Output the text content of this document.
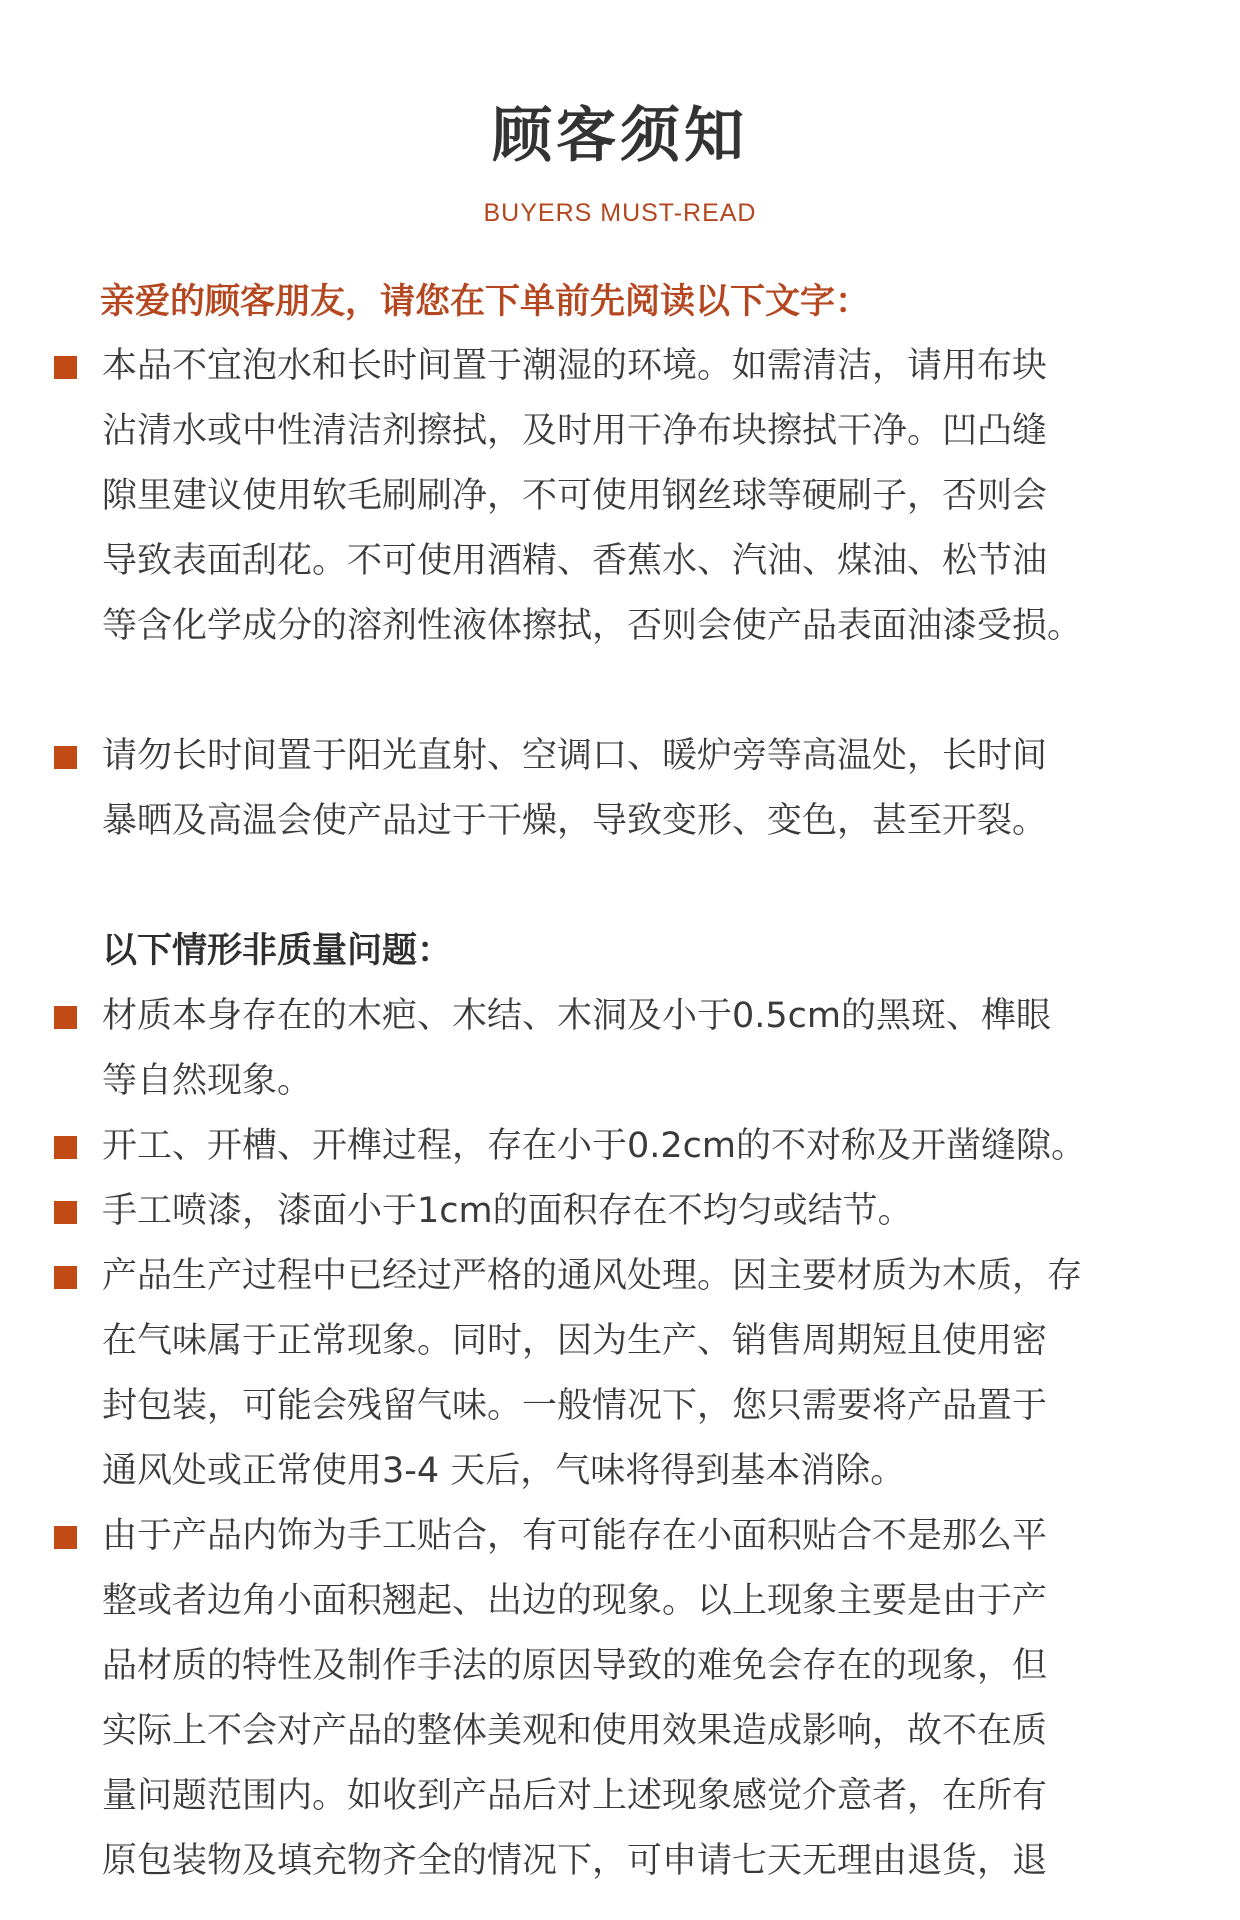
顾客须知
BUYERS MUST-READ
亲爱的顾客朋友，请您在下单前先阅读以下文字：
本品不宜泡水和长时间置于潮湿的环境。如需清洁，请用布块
沾清水或中性清洁剂擦拭，及时用干净布块擦拭干净。凹凸缝
隙里建议使用软毛刷刷净，不可使用钢丝球等硬刷子，否则会
导致表面刮花。不可使用酒精、香蕉水、汽油、煤油、松节油
等含化学成分的溶剂性液体擦拭，否则会使产品表面油漆受损。
请勿长时间置于阳光直射、空调口、暖炉旁等高温处，长时间
暴晒及高温会使产品过于干燥，导致变形、变色，甚至开裂。
以下情形非质量问题：
材质本身存在的木疤、木结、木洞及小于0.5cm的黑斑、榫眼
等自然现象。
开工、开槽、开榫过程，存在小于0.2cm的不对称及开凿缝隙。
手工喷漆，漆面小于1cm的面积存在不均匀或结节。
产品生产过程中已经过严格的通风处理。因主要材质为木质，存
在气味属于正常现象。同时，因为生产、销售周期短且使用密
封包装，可能会残留气味。一般情况下，您只需要将产品置于
通风处或正常使用3-4 天后，气味将得到基本消除。
由于产品内饰为手工贴合，有可能存在小面积贴合不是那么平
整或者边角小面积翘起、出边的现象。以上现象主要是由于产
品材质的特性及制作手法的原因导致的难免会存在的现象，但
实际上不会对产品的整体美观和使用效果造成影响，故不在质
量问题范围内。如收到产品后对上述现象感觉介意者，在所有
原包装物及填充物齐全的情况下，可申请七天无理由退货，退
